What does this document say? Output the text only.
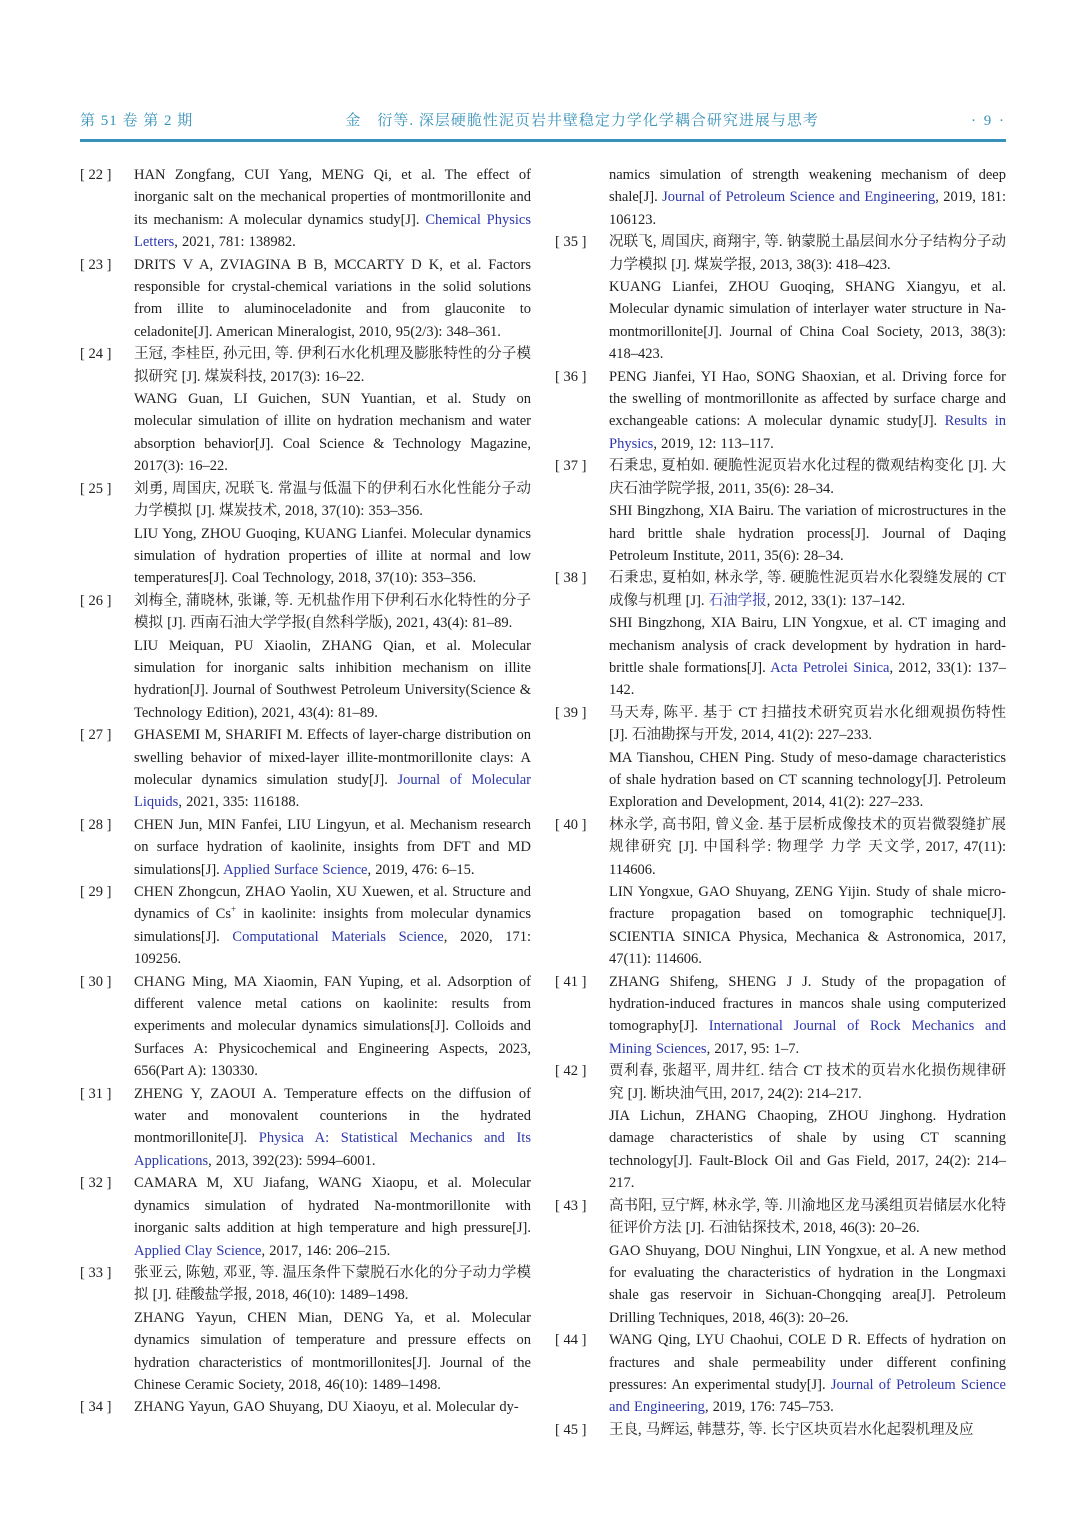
第 51 卷 第 2 期	金　衍等. 深层硬脆性泥页岩井壁稳定力学化学耦合研究进展与思考	· 9 ·
[ 22 ]	HAN Zongfang, CUI Yang, MENG Qi, et al. The effect of inorganic salt on the mechanical properties of montmorillonite and its mechanism: A molecular dynamics study[J]. Chemical Physics Letters, 2021, 781: 138982.
[ 23 ]	DRITS V A, ZVIAGINA B B, MCCARTY D K, et al. Factors responsible for crystal-chemical variations in the solid solutions from illite to aluminoceladonite and from glauconite to celadonite[J]. American Mineralogist, 2010, 95(2/3): 348–361.
[ 24 ]	王冠, 李桂臣, 孙元田, 等. 伊利石水化机理及膨胀特性的分子模拟研究 [J]. 煤炭科技, 2017(3): 16–22.
WANG Guan, LI Guichen, SUN Yuantian, et al. Study on molecular simulation of illite on hydration mechanism and water absorption behavior[J]. Coal Science & Technology Magazine, 2017(3): 16–22.
[ 25 ]	刘勇, 周国庆, 况联飞. 常温与低温下的伊利石水化性能分子动力学模拟 [J]. 煤炭技术, 2018, 37(10): 353–356.
LIU Yong, ZHOU Guoqing, KUANG Lianfei. Molecular dynamics simulation of hydration properties of illite at normal and low temperatures[J]. Coal Technology, 2018, 37(10): 353–356.
[ 26 ]	刘梅全, 蒲晓林, 张谦, 等. 无机盐作用下伊利石水化特性的分子模拟 [J]. 西南石油大学学报(自然科学版), 2021, 43(4): 81–89.
LIU Meiquan, PU Xiaolin, ZHANG Qian, et al. Molecular simulation for inorganic salts inhibition mechanism on illite hydration[J]. Journal of Southwest Petroleum University(Science & Technology Edition), 2021, 43(4): 81–89.
[ 27 ]	GHASEMI M, SHARIFI M. Effects of layer-charge distribution on swelling behavior of mixed-layer illite-montmorillonite clays: A molecular dynamics simulation study[J]. Journal of Molecular Liquids, 2021, 335: 116188.
[ 28 ]	CHEN Jun, MIN Fanfei, LIU Lingyun, et al. Mechanism research on surface hydration of kaolinite, insights from DFT and MD simulations[J]. Applied Surface Science, 2019, 476: 6–15.
[ 29 ]	CHEN Zhongcun, ZHAO Yaolin, XU Xuewen, et al. Structure and dynamics of Cs+ in kaolinite: insights from molecular dynamics simulations[J]. Computational Materials Science, 2020, 171: 109256.
[ 30 ]	CHANG Ming, MA Xiaomin, FAN Yuping, et al. Adsorption of different valence metal cations on kaolinite: results from experiments and molecular dynamics simulations[J]. Colloids and Surfaces A: Physicochemical and Engineering Aspects, 2023, 656(Part A): 130330.
[ 31 ]	ZHENG Y, ZAOUI A. Temperature effects on the diffusion of water and monovalent counterions in the hydrated montmorillonite[J]. Physica A: Statistical Mechanics and Its Applications, 2013, 392(23): 5994–6001.
[ 32 ]	CAMARA M, XU Jiafang, WANG Xiaopu, et al. Molecular dynamics simulation of hydrated Na-montmorillonite with inorganic salts addition at high temperature and high pressure[J]. Applied Clay Science, 2017, 146: 206–215.
[ 33 ]	张亚云, 陈勉, 邓亚, 等. 温压条件下蒙脱石水化的分子动力学模拟 [J]. 硅酸盐学报, 2018, 46(10): 1489–1498.
ZHANG Yayun, CHEN Mian, DENG Ya, et al. Molecular dynamics simulation of temperature and pressure effects on hydration characteristics of montmorillonites[J]. Journal of the Chinese Ceramic Society, 2018, 46(10): 1489–1498.
[ 34 ]	ZHANG Yayun, GAO Shuyang, DU Xiaoyu, et al. Molecular dy-
namics simulation of strength weakening mechanism of deep shale[J]. Journal of Petroleum Science and Engineering, 2019, 181: 106123.
[ 35 ]	况联飞, 周国庆, 商翔宇, 等. 钠蒙脱土晶层间水分子结构分子动力学模拟 [J]. 煤炭学报, 2013, 38(3): 418–423.
KUANG Lianfei, ZHOU Guoqing, SHANG Xiangyu, et al. Molecular dynamic simulation of interlayer water structure in Na-montmorillonite[J]. Journal of China Coal Society, 2013, 38(3): 418–423.
[ 36 ]	PENG Jianfei, YI Hao, SONG Shaoxian, et al. Driving force for the swelling of montmorillonite as affected by surface charge and exchangeable cations: A molecular dynamic study[J]. Results in Physics, 2019, 12: 113–117.
[ 37 ]	石秉忠, 夏柏如. 硬脆性泥页岩水化过程的微观结构变化 [J]. 大庆石油学院学报, 2011, 35(6): 28–34.
SHI Bingzhong, XIA Bairu. The variation of microstructures in the hard brittle shale hydration process[J]. Journal of Daqing Petroleum Institute, 2011, 35(6): 28–34.
[ 38 ]	石秉忠, 夏柏如, 林永学, 等. 硬脆性泥页岩水化裂缝发展的 CT 成像与机理 [J]. 石油学报, 2012, 33(1): 137–142.
SHI Bingzhong, XIA Bairu, LIN Yongxue, et al. CT imaging and mechanism analysis of crack development by hydration in hard-brittle shale formations[J]. Acta Petrolei Sinica, 2012, 33(1): 137–142.
[ 39 ]	马天寿, 陈平. 基于 CT 扫描技术研究页岩水化细观损伤特性 [J]. 石油勘探与开发, 2014, 41(2): 227–233.
MA Tianshou, CHEN Ping. Study of meso-damage characteristics of shale hydration based on CT scanning technology[J]. Petroleum Exploration and Development, 2014, 41(2): 227–233.
[ 40 ]	林永学, 高书阳, 曾义金. 基于层析成像技术的页岩微裂缝扩展规律研究 [J]. 中国科学: 物理学 力学 天文学, 2017, 47(11): 114606.
LIN Yongxue, GAO Shuyang, ZENG Yijin. Study of shale micro-fracture propagation based on tomographic technique[J]. SCIENTIA SINICA Physica, Mechanica & Astronomica, 2017, 47(11): 114606.
[ 41 ]	ZHANG Shifeng, SHENG J J. Study of the propagation of hydration-induced fractures in mancos shale using computerized tomography[J]. International Journal of Rock Mechanics and Mining Sciences, 2017, 95: 1–7.
[ 42 ]	贾利春, 张超平, 周井红. 结合 CT 技术的页岩水化损伤规律研究 [J]. 断块油气田, 2017, 24(2): 214–217.
JIA Lichun, ZHANG Chaoping, ZHOU Jinghong. Hydration damage characteristics of shale by using CT scanning technology[J]. Fault-Block Oil and Gas Field, 2017, 24(2): 214–217.
[ 43 ]	高书阳, 豆宁辉, 林永学, 等. 川渝地区龙马溪组页岩储层水化特征评价方法 [J]. 石油钻探技术, 2018, 46(3): 20–26.
GAO Shuyang, DOU Ninghui, LIN Yongxue, et al. A new method for evaluating the characteristics of hydration in the Longmaxi shale gas reservoir in Sichuan-Chongqing area[J]. Petroleum Drilling Techniques, 2018, 46(3): 20–26.
[ 44 ]	WANG Qing, LYU Chaohui, COLE D R. Effects of hydration on fractures and shale permeability under different confining pressures: An experimental study[J]. Journal of Petroleum Science and Engineering, 2019, 176: 745–753.
[ 45 ]	王良, 马辉运, 韩慧芬, 等. 长宁区块页岩水化起裂机理及应
